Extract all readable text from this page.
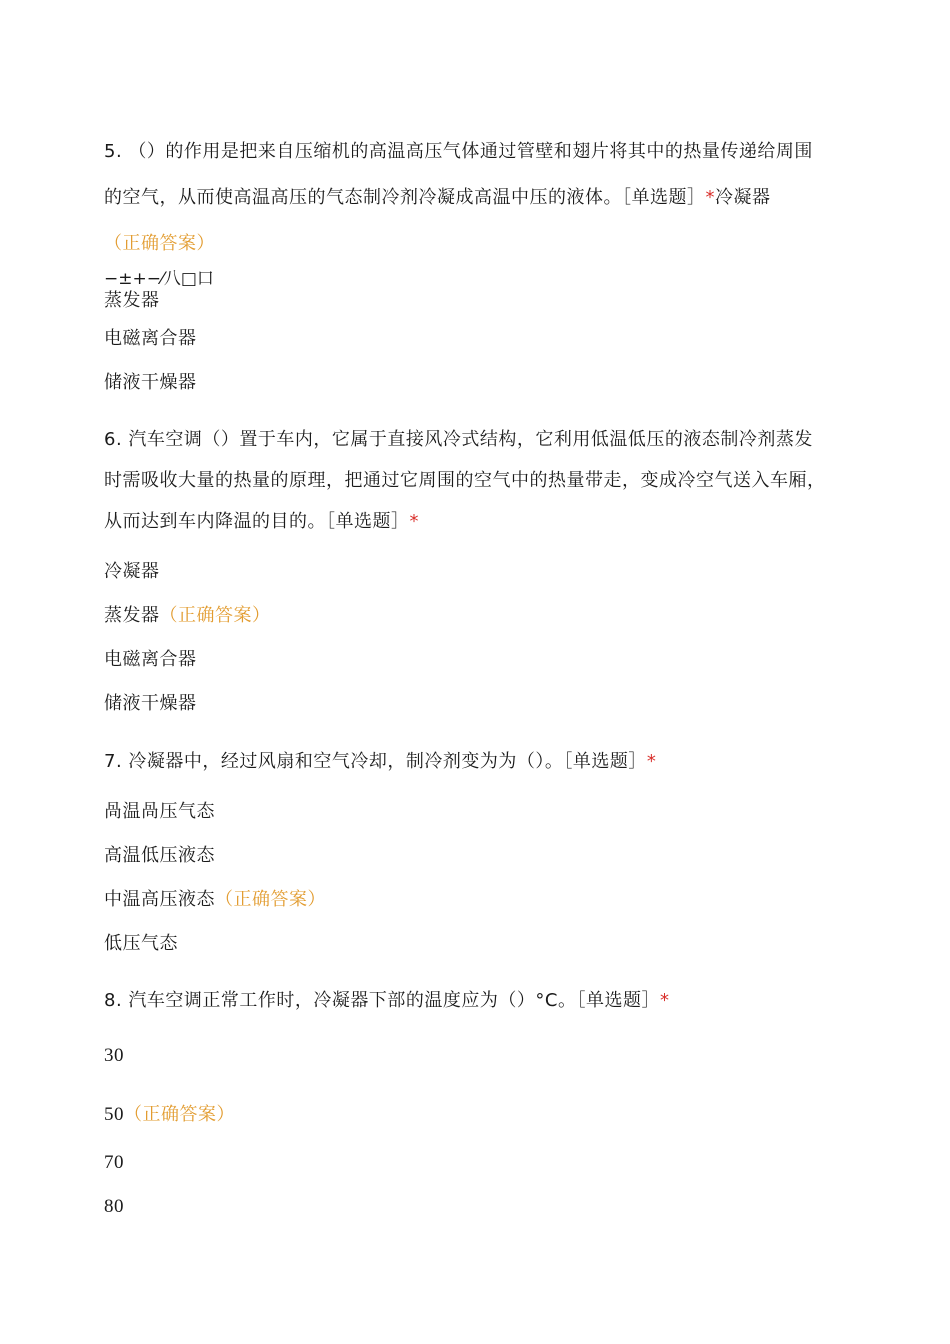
5. （）的作用是把来自压缩机的高温高压气体通过管壁和翅片将其中的热量传递给周围
的空气，从而使高温高压的气态制冷剂冷凝成高温中压的液体。［单选题］*冷凝器
（正确答案）
−±+−⁄八□口
蒸发器
电磁离合器
储液干燥器
6. 汽车空调（）置于车内，它属于直接风冷式结构，它利用低温低压的液态制冷剂蒸发
时需吸收大量的热量的原理，把通过它周围的空气中的热量带走，变成冷空气送入车厢，
从而达到车内降温的目的。［单选题］*
冷凝器
蒸发器（正确答案）
电磁离合器
储液干燥器
7. 冷凝器中，经过风扇和空气冷却，制冷剂变为为（）。［单选题］*
咼温咼压气态
高温低压液态
中温高压液态（正确答案）
低压气态
8. 汽车空调正常工作时，冷凝器下部的温度应为（）°C。［单选题］*
30
50（正确答案）
70
80
